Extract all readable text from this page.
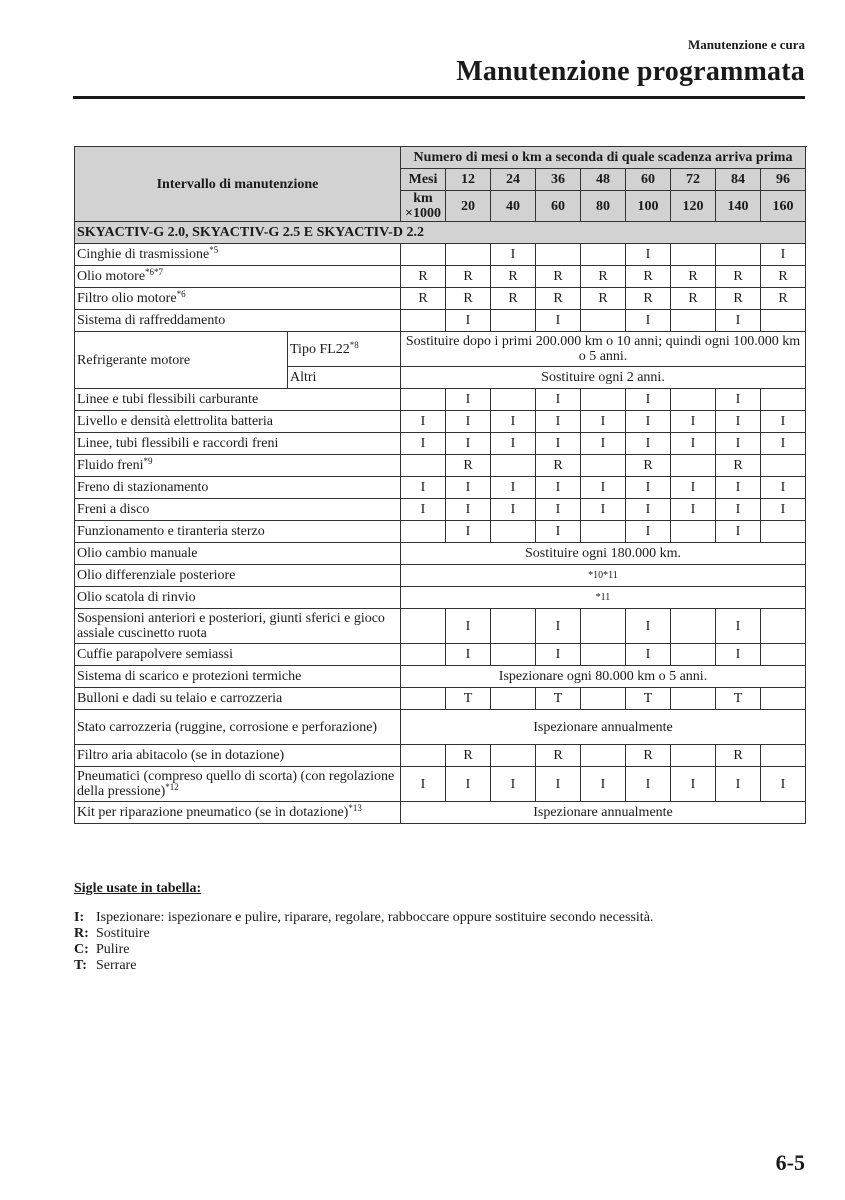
Manutenzione e cura
Manutenzione programmata
Intervallo di manutenzione		Numero di mesi o km a seconda di quale scadenza arriva prima									
		Mesi	12	24	36	48	60	72	84	96	
		km ×1000	20	40	60	80	100	120	140	160	
SKYACTIV-G 2.0, SKYACTIV-G 2.5 E SKYACTIV-D 2.2											
Cinghie di trasmissione$^{*5}$				I			I			I	
Olio motore$^{*6*7}$		R	R	R	R	R	R	R	R	R	
Filtro olio motore$^{*6}$		R	R	R	R	R	R	R	R	R	
Sistema di raffreddamento			I		I		I		I		
Refrigerante motore	Tipo FL22$^{*8}$	Sostituire dopo i primi 200.000 km o 10 anni; quindi ogni 100.000 km o 5 anni.									
	Altri	Sostituire ogni 2 anni.									
Linee e tubi flessibili carburante			I		I		I		I		
Livello e densità elettrolita batteria		I	I	I	I	I	I	I	I	I	
Linee, tubi flessibili e raccordi freni		I	I	I	I	I	I	I	I	I	
Fluido freni$^{*9}$			R		R		R		R		
Freno di stazionamento		I	I	I	I	I	I	I	I	I	
Freni a disco		I	I	I	I	I	I	I	I	I	
Funzionamento e tiranteria sterzo			I		I		I		I		
Olio cambio manuale		Sostituire ogni 180.000 km.									
Olio differenziale posteriore		*10*11									
Olio scatola di rinvio		*11									
Sospensioni anteriori e posteriori, giunti sferici e gioco assiale cuscinetto ruota			I		I		I		I		
Cuffie parapolvere semiassi			I		I		I		I		
Sistema di scarico e protezioni termiche		Ispezionare ogni 80.000 km o 5 anni.									
Bulloni e dadi su telaio e carrozzeria			T		T		T		T		
Stato carrozzeria (ruggine, corrosione e perforazione)		Ispezionare annualmente									
Filtro aria abitacolo (se in dotazione)			R		R		R		R		
Pneumatici (compreso quello di scorta) (con regolazione della pressione)$^{*12}$		I	I	I	I	I	I	I	I	I	
Kit per riparazione pneumatico (se in dotazione)$^{*13}$		Ispezionare annualmente									
Sigle usate in tabella:
I: Ispezionare: ispezionare e pulire, riparare, regolare, rabboccare oppure sostituire secondo necessità.
R: Sostituire
C: Pulire
T: Serrare
6-5
